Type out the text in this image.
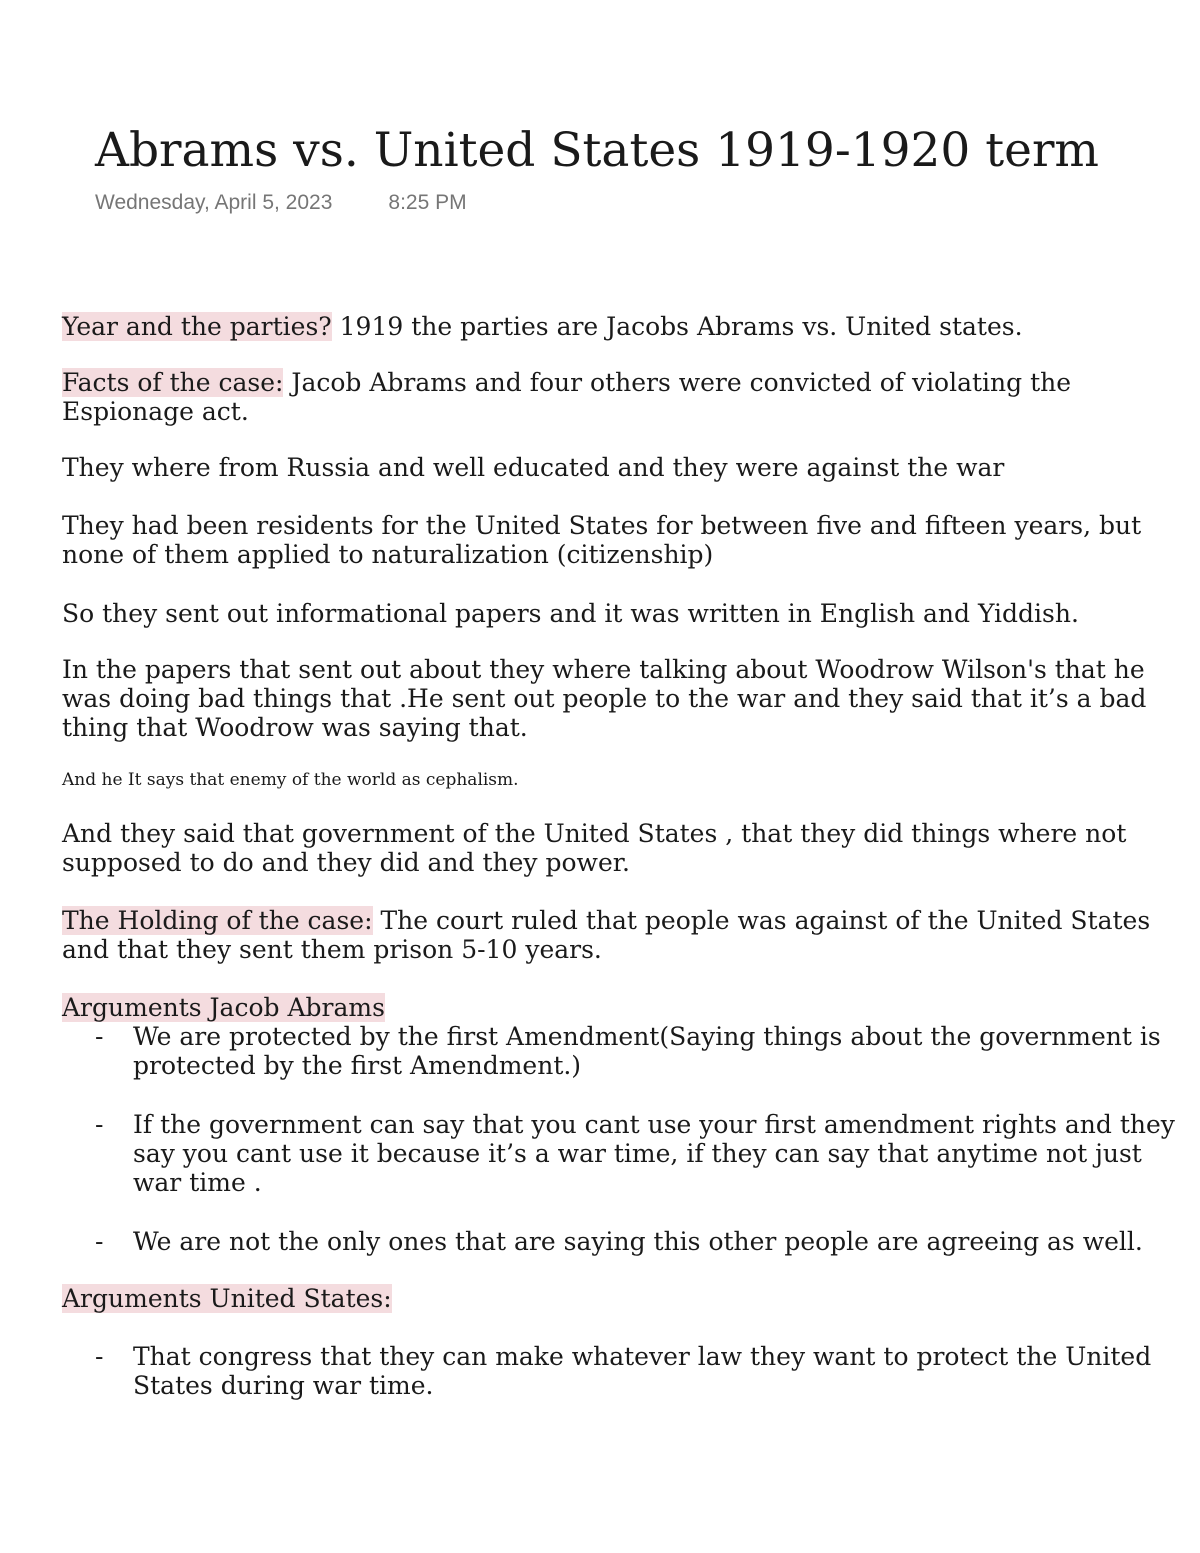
Abrams vs. United States 1919-1920 term
Wednesday, April 5, 2023	8:25 PM

Year and the parties? 1919 the parties are Jacobs Abrams vs. United states.

Facts of the case: Jacob Abrams and four others were convicted of violating the Espionage act.

They where from Russia and well educated and they were against the war

They had been residents for the United States for between five and fifteen years, but none of them applied to naturalization (citizenship)

So they sent out informational papers and it was written in English and Yiddish.

In the papers that sent out about they where talking about Woodrow Wilson's that he was doing bad things that .He sent out people to the war and they said that it’s a bad thing that Woodrow was saying that.

And he It says that enemy of the world as cephalism.

And they said that government of the United States , that they did things where not supposed to do and they did and they power.

The Holding of the case: The court ruled that people was against of the United States and that they sent them prison 5-10 years.

Arguments Jacob Abrams

- We are protected by the first Amendment(Saying things about the government is protected by the first Amendment.)
- If the government can say that you cant use your first amendment rights and they say you cant use it because it’s a war time, if they can say that anytime not just war time .
- We are not the only ones that are saying this other people are agreeing as well.

Arguments United States:

- That congress that they can make whatever law they want to protect the United States during war time.
